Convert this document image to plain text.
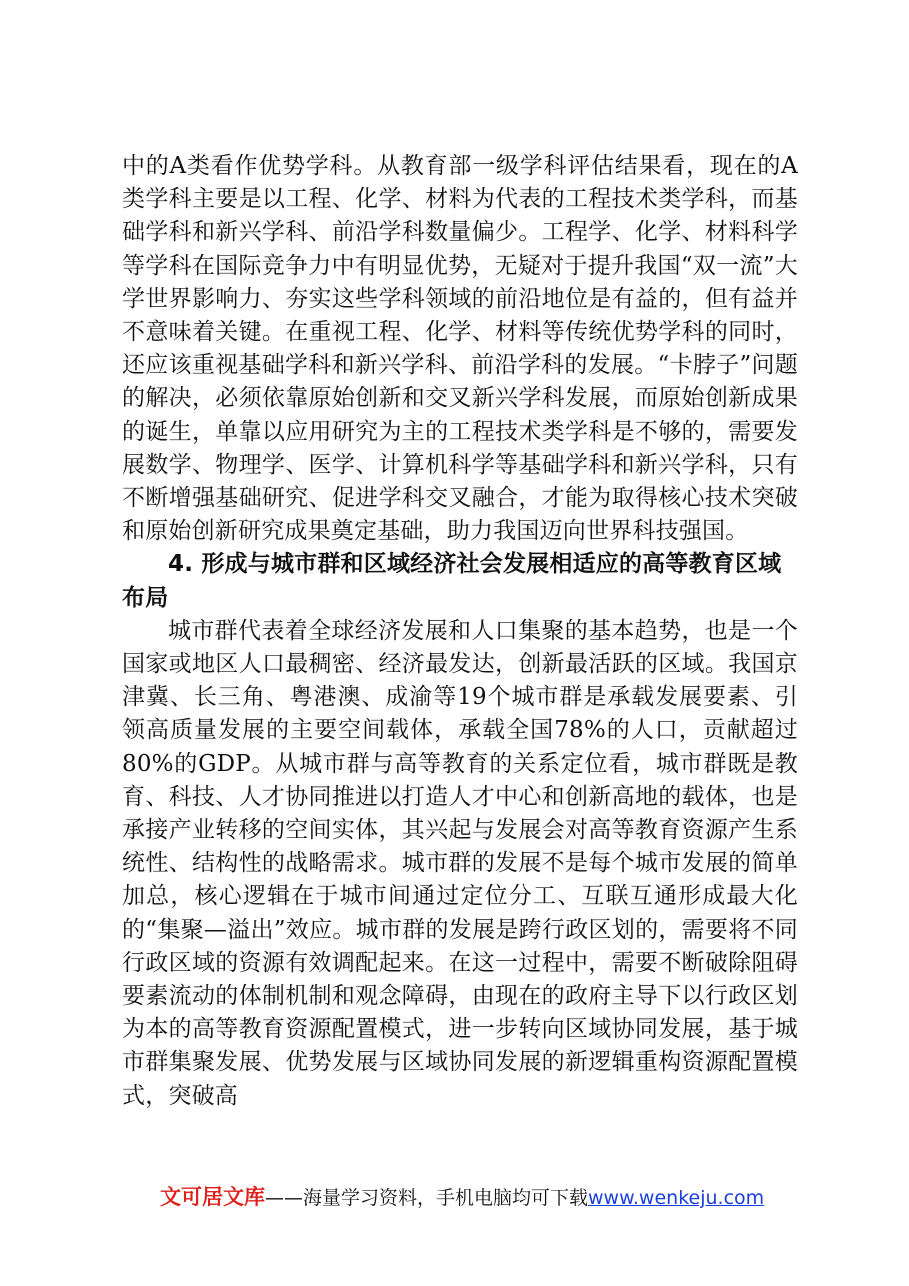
中的A类看作优势学科。从教育部一级学科评估结果看，现在的A类学科主要是以工程、化学、材料为代表的工程技术类学科，而基础学科和新兴学科、前沿学科数量偏少。工程学、化学、材料科学等学科在国际竞争力中有明显优势，无疑对于提升我国“双一流”大学世界影响力、夯实这些学科领域的前沿地位是有益的，但有益并不意味着关键。在重视工程、化学、材料等传统优势学科的同时，还应该重视基础学科和新兴学科、前沿学科的发展。“卡脖子”问题的解决，必须依靠原始创新和交叉新兴学科发展，而原始创新成果的诞生，单靠以应用研究为主的工程技术类学科是不够的，需要发展数学、物理学、医学、计算机科学等基础学科和新兴学科，只有不断增强基础研究、促进学科交叉融合，才能为取得核心技术突破和原始创新研究成果奠定基础，助力我国迈向世界科技强国。

4. 形成与城市群和区域经济社会发展相适应的高等教育区域布局

城市群代表着全球经济发展和人口集聚的基本趋势，也是一个国家或地区人口最稠密、经济最发达，创新最活跃的区域。我国京津冀、长三角、粤港澳、成渝等19个城市群是承载发展要素、引领高质量发展的主要空间载体，承载全国78%的人口，贡献超过80%的GDP。从城市群与高等教育的关系定位看，城市群既是教育、科技、人才协同推进以打造人才中心和创新高地的载体，也是承接产业转移的空间实体，其兴起与发展会对高等教育资源产生系统性、结构性的战略需求。城市群的发展不是每个城市发展的简单加总，核心逻辑在于城市间通过定位分工、互联互通形成最大化的“集聚—溢出”效应。城市群的发展是跨行政区划的，需要将不同行政区域的资源有效调配起来。在这一过程中，需要不断破除阻碍要素流动的体制机制和观念障碍，由现在的政府主导下以行政区划为本的高等教育资源配置模式，进一步转向区域协同发展，基于城市群集聚发展、优势发展与区域协同发展的新逻辑重构资源配置模式，突破高

文可居文库——海量学习资料，手机电脑均可下载www.wenkeju.com
